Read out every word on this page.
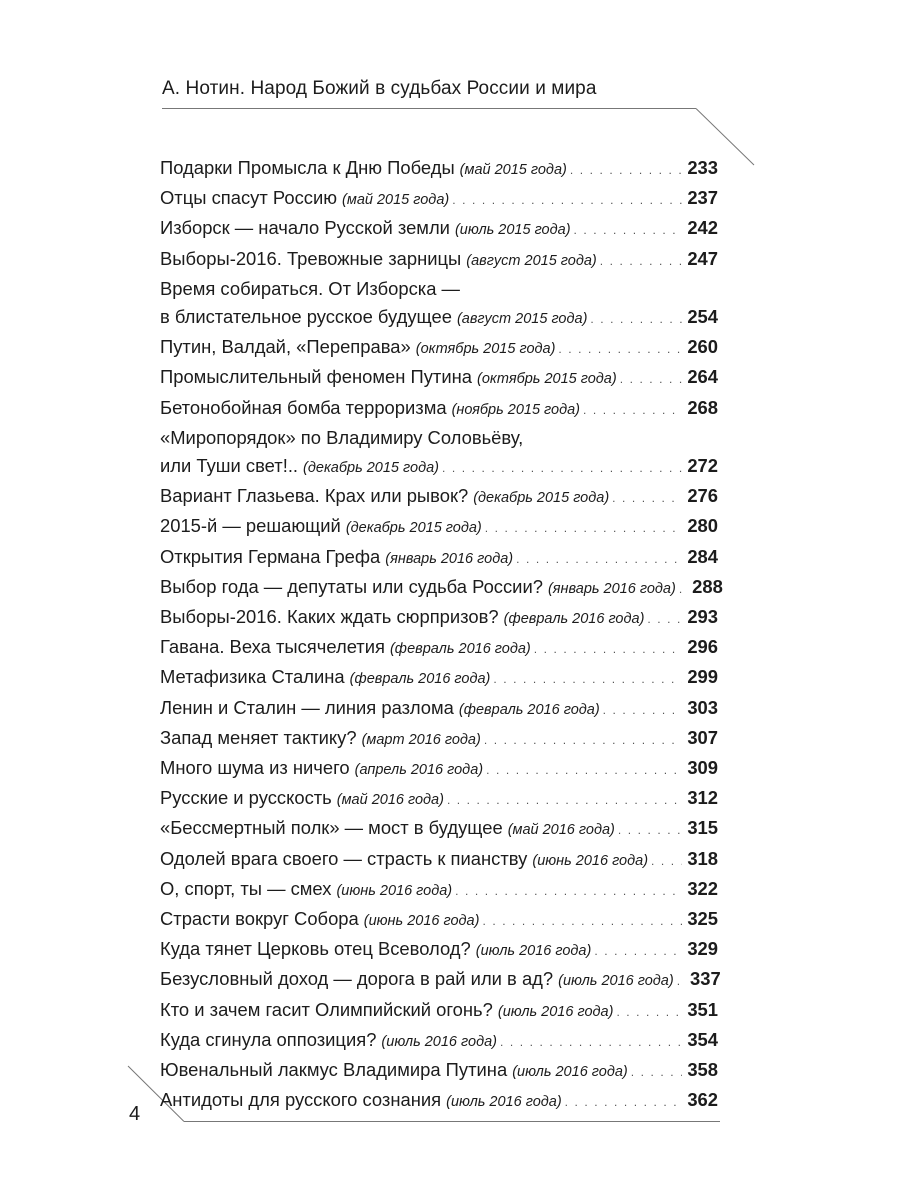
А. Нотин. Народ Божий в судьбах России и мира
Подарки Промысла к Дню Победы (май 2015 года) . . .	233
Отцы спасут Россию (май 2015 года) . . .	237
Изборск — начало Русской земли (июль 2015 года) . . .	242
Выборы-2016. Тревожные зарницы (август 2015 года) . . .	247
Время собираться. От Изборска —
в блистательное русское будущее (август 2015 года) . . .	254
Путин, Валдай, «Переправа» (октябрь 2015 года) . . .	260
Промыслительный феномен Путина (октябрь 2015 года) . . .	264
Бетонобойная бомба терроризма (ноябрь 2015 года) . . .	268
«Миропорядок» по Владимиру Соловьёву,
или Туши свет!.. (декабрь 2015 года) . . .	272
Вариант Глазьева. Крах или рывок? (декабрь 2015 года) . . .	276
2015-й — решающий (декабрь 2015 года) . . .	280
Открытия Германа Грефа (январь 2016 года) . . .	284
Выбор года — депутаты или судьба России? (январь 2016 года) . . . 288
Выборы-2016. Каких ждать сюрпризов? (февраль 2016 года) . . . 293
Гавана. Веха тысячелетия (февраль 2016 года) . . .	296
Метафизика Сталина (февраль 2016 года) . . .	299
Ленин и Сталин — линия разлома (февраль 2016 года) . . .	303
Запад меняет тактику? (март 2016 года) . . .	307
Много шума из ничего (апрель 2016 года) . . .	309
Русские и русскость (май 2016 года) . . .	312
«Бессмертный полк» — мост в будущее (май 2016 года) . . .	315
Одолей врага своего — страсть к пианству (июнь 2016 года) . . . 318
О, спорт, ты — смех (июнь 2016 года) . . .	322
Страсти вокруг Собора (июнь 2016 года) . . .	325
Куда тянет Церковь отец Всеволод? (июль 2016 года) . . .	329
Безусловный доход — дорога в рай или в ад? (июль 2016 года) . . . 337
Кто и зачем гасит Олимпийский огонь? (июль 2016 года) . . .	351
Куда сгинула оппозиция? (июль 2016 года) . . .	354
Ювенальный лакмус Владимира Путина (июль 2016 года) . . .	358
Антидоты для русского сознания (июль 2016 года) . . .	362
4
